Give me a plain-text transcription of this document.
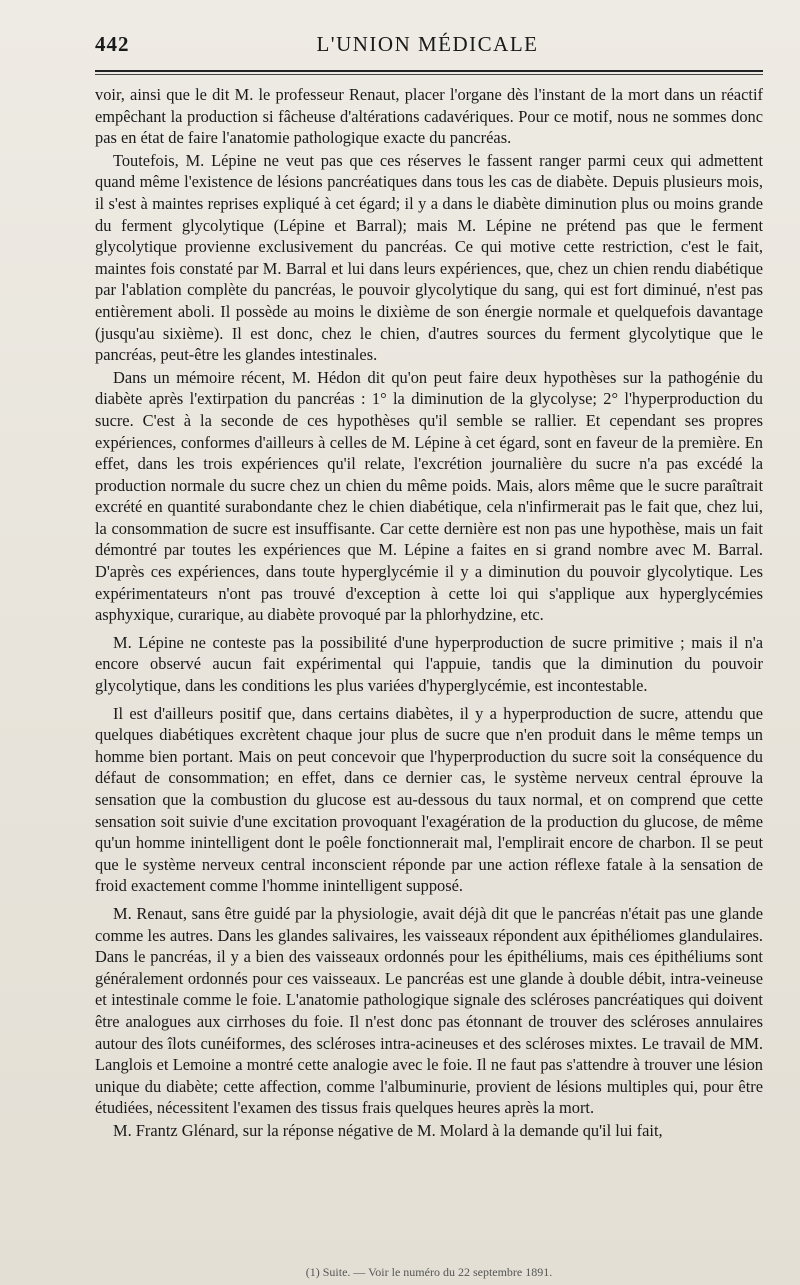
442	L'UNION MÉDICALE

voir, ainsi que le dit M. le professeur Renaut, placer l'organe dès l'instant de la mort dans un réactif empêchant la production si fâcheuse d'altérations cadavériques. Pour ce motif, nous ne sommes donc pas en état de faire l'anatomie pathologique exacte du pancréas.

Toutefois, M. Lépine ne veut pas que ces réserves le fassent ranger parmi ceux qui admettent quand même l'existence de lésions pancréatiques dans tous les cas de diabète. Depuis plusieurs mois, il s'est à maintes reprises expliqué à cet égard; il y a dans le diabète diminution plus ou moins grande du ferment glycolytique (Lépine et Barral); mais M. Lépine ne prétend pas que le ferment glycolytique provienne exclusivement du pancréas. Ce qui motive cette restriction, c'est le fait, maintes fois constaté par M. Barral et lui dans leurs expériences, que, chez un chien rendu diabétique par l'ablation complète du pancréas, le pouvoir glycolytique du sang, qui est fort diminué, n'est pas entièrement aboli. Il possède au moins le dixième de son énergie normale et quelquefois davantage (jusqu'au sixième). Il est donc, chez le chien, d'autres sources du ferment glycolytique que le pancréas, peut-être les glandes intestinales.

Dans un mémoire récent, M. Hédon dit qu'on peut faire deux hypothèses sur la pathogénie du diabète après l'extirpation du pancréas : 1° la diminution de la glycolyse; 2° l'hyperproduction du sucre. C'est à la seconde de ces hypothèses qu'il semble se rallier. Et cependant ses propres expériences, conformes d'ailleurs à celles de M. Lépine à cet égard, sont en faveur de la première. En effet, dans les trois expériences qu'il relate, l'excrétion journalière du sucre n'a pas excédé la production normale du sucre chez un chien du même poids. Mais, alors même que le sucre paraîtrait excrété en quantité surabondante chez le chien diabétique, cela n'infirmerait pas le fait que, chez lui, la consommation de sucre est insuffisante. Car cette dernière est non pas une hypothèse, mais un fait démontré par toutes les expériences que M. Lépine a faites en si grand nombre avec M. Barral. D'après ces expériences, dans toute hyperglycémie il y a diminution du pouvoir glycolytique. Les expérimentateurs n'ont pas trouvé d'exception à cette loi qui s'applique aux hyperglycémies asphyxique, curarique, au diabète provoqué par la phlorhydzine, etc.

M. Lépine ne conteste pas la possibilité d'une hyperproduction de sucre primitive ; mais il n'a encore observé aucun fait expérimental qui l'appuie, tandis que la diminution du pouvoir glycolytique, dans les conditions les plus variées d'hyperglycémie, est incontestable.

Il est d'ailleurs positif que, dans certains diabètes, il y a hyperproduction de sucre, attendu que quelques diabétiques excrètent chaque jour plus de sucre que n'en produit dans le même temps un homme bien portant. Mais on peut concevoir que l'hyperproduction du sucre soit la conséquence du défaut de consommation; en effet, dans ce dernier cas, le système nerveux central éprouve la sensation que la combustion du glucose est au-dessous du taux normal, et on comprend que cette sensation soit suivie d'une excitation provoquant l'exagération de la production du glucose, de même qu'un homme inintelligent dont le poêle fonctionnerait mal, l'emplirait encore de charbon. Il se peut que le système nerveux central inconscient réponde par une action réflexe fatale à la sensation de froid exactement comme l'homme inintelligent supposé.

M. Renaut, sans être guidé par la physiologie, avait déjà dit que le pancréas n'était pas une glande comme les autres. Dans les glandes salivaires, les vaisseaux répondent aux épithéliomes glandulaires. Dans le pancréas, il y a bien des vaisseaux ordonnés pour les épithéliums, mais ces épithéliums sont généralement ordonnés pour ces vaisseaux. Le pancréas est une glande à double débit, intra-veineuse et intestinale comme le foie. L'anatomie pathologique signale des scléroses pancréatiques qui doivent être analogues aux cirrhoses du foie. Il n'est donc pas étonnant de trouver des scléroses annulaires autour des îlots cunéiformes, des scléroses intra-acineuses et des scléroses mixtes. Le travail de MM. Langlois et Lemoine a montré cette analogie avec le foie. Il ne faut pas s'attendre à trouver une lésion unique du diabète; cette affection, comme l'albuminurie, provient de lésions multiples qui, pour être étudiées, nécessitent l'examen des tissus frais quelques heures après la mort.

M. Frantz Glénard, sur la réponse négative de M. Molard à la demande qu'il lui fait,

(1) Suite. — Voir le numéro du 22 septembre 1891.
